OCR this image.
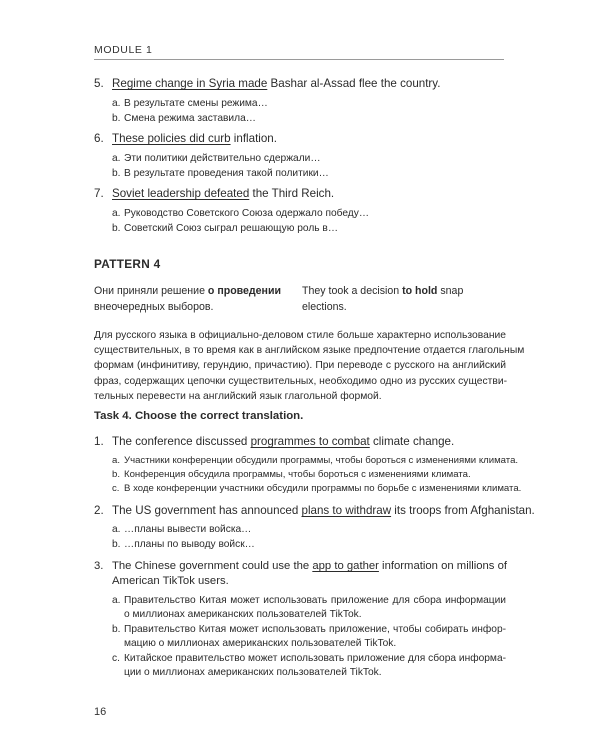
MODULE 1
5. Regime change in Syria made Bashar al-Assad flee the country.
a. В результате смены режима…
b. Смена режима заставила…
6. These policies did curb inflation.
a. Эти политики действительно сдержали…
b. В результате проведения такой политики…
7. Soviet leadership defeated the Third Reich.
a. Руководство Советского Союза одержало победу…
b. Советский Союз сыграл решающую роль в…
PATTERN 4
Они приняли решение о проведении
внеочередных выборов.
They took a decision to hold snap
elections.
Для русского языка в официально-деловом стиле больше характерно использование
существительных, в то время как в английском языке предпочтение отдается глагольным
формам (инфинитиву, герундию, причастию). При переводе с русского на английский
фраз, содержащих цепочки существительных, необходимо одно из русских существи-
тельных перевести на английский язык глагольной формой.
Task 4. Choose the correct translation.
1. The conference discussed programmes to combat climate change.
a. Участники конференции обсудили программы, чтобы бороться с изменениями климата.
b. Конференция обсудила программы, чтобы бороться с изменениями климата.
c. В ходе конференции участники обсудили программы по борьбе с изменениями климата.
2. The US government has announced plans to withdraw its troops from Afghanistan.
a. …планы вывести войска…
b. …планы по выводу войск…
3. The Chinese government could use the app to gather information on millions of
American TikTok users.
a. Правительство Китая может использовать приложение для сбора информации
о миллионах американских пользователей TikTok.
b. Правительство Китая может использовать приложение, чтобы собирать инфор-
мацию о миллионах американских пользователей TikTok.
c. Китайское правительство может использовать приложение для сбора информа-
ции о миллионах американских пользователей TikTok.
16
